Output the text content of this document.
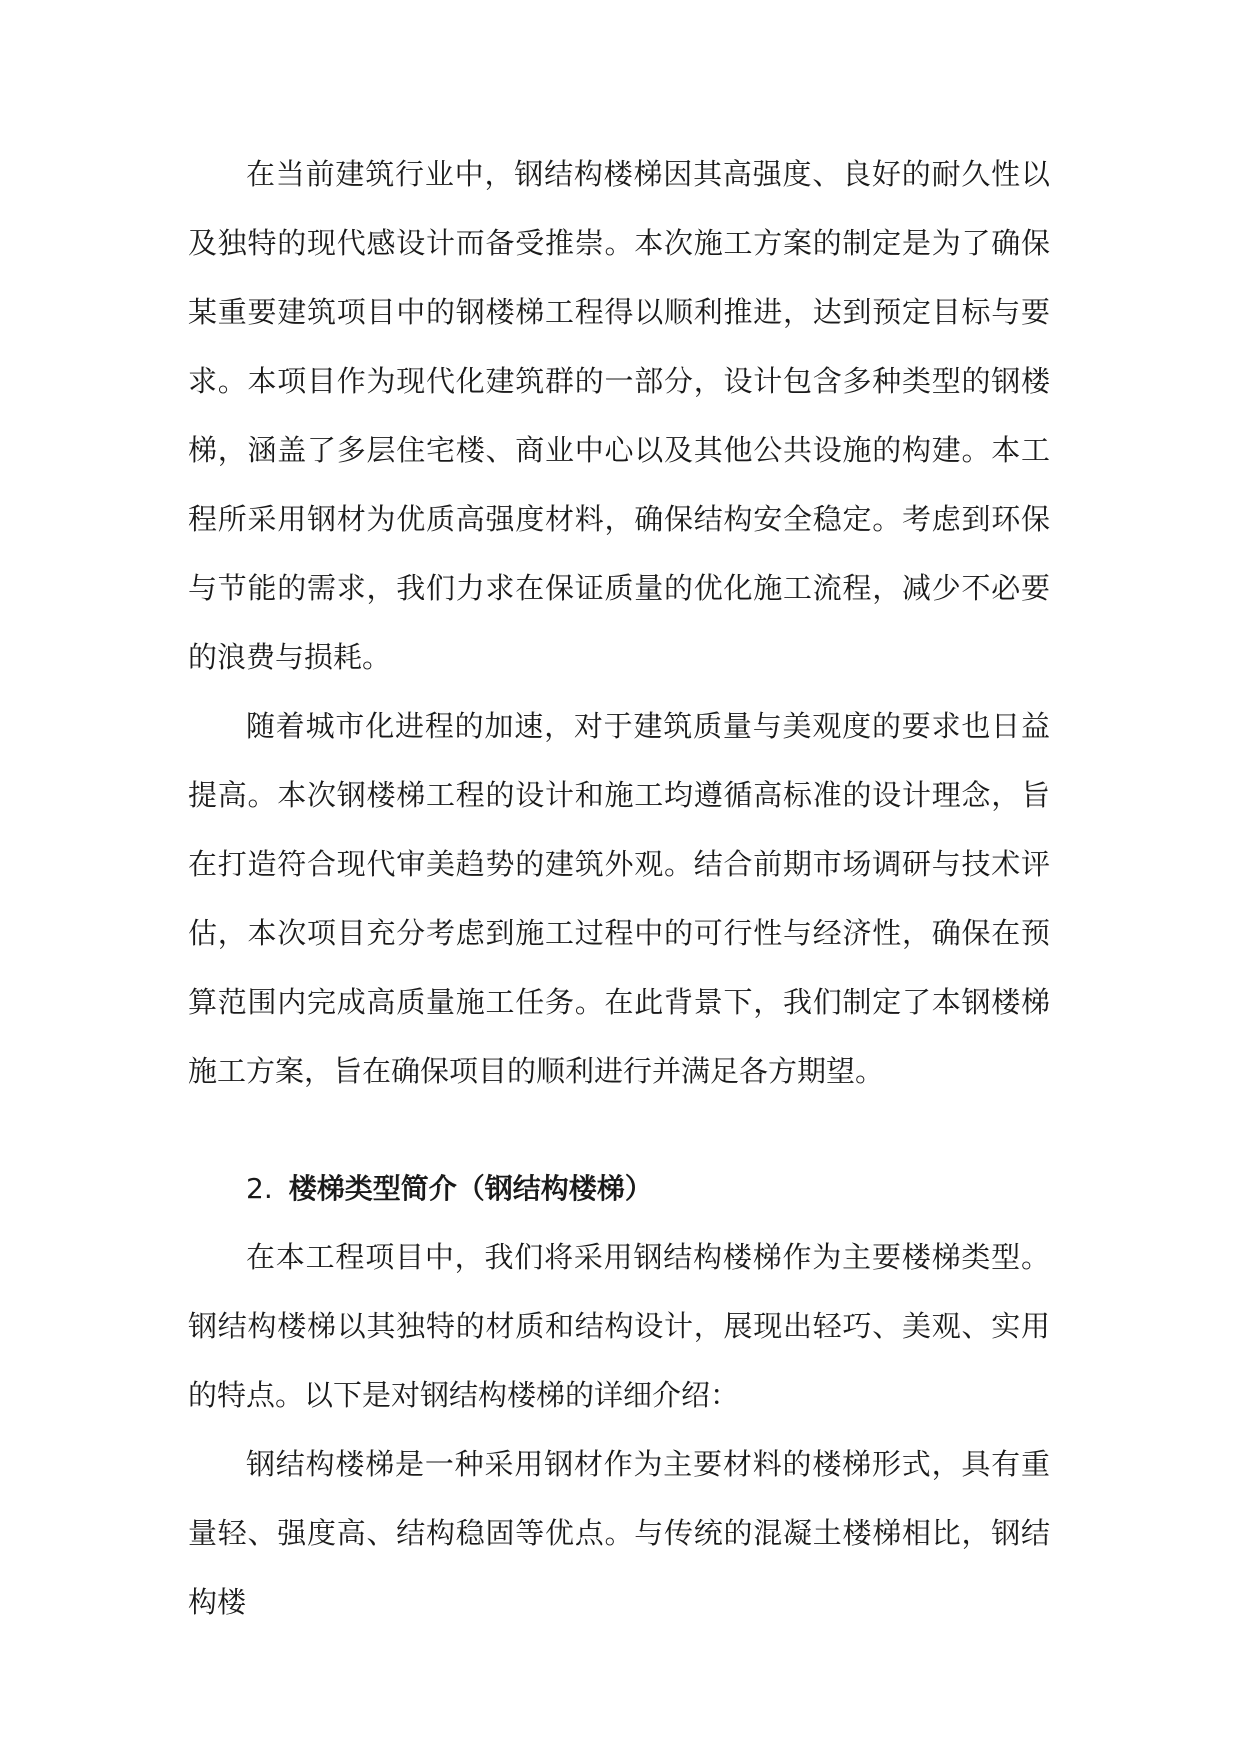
在当前建筑行业中，钢结构楼梯因其高强度、良好的耐久性以及独特的现代感设计而备受推崇。本次施工方案的制定是为了确保某重要建筑项目中的钢楼梯工程得以顺利推进，达到预定目标与要求。本项目作为现代化建筑群的一部分，设计包含多种类型的钢楼梯，涵盖了多层住宅楼、商业中心以及其他公共设施的构建。本工程所采用钢材为优质高强度材料，确保结构安全稳定。考虑到环保与节能的需求，我们力求在保证质量的优化施工流程，减少不必要的浪费与损耗。

随着城市化进程的加速，对于建筑质量与美观度的要求也日益提高。本次钢楼梯工程的设计和施工均遵循高标准的设计理念，旨在打造符合现代审美趋势的建筑外观。结合前期市场调研与技术评估，本次项目充分考虑到施工过程中的可行性与经济性，确保在预算范围内完成高质量施工任务。在此背景下，我们制定了本钢楼梯施工方案，旨在确保项目的顺利进行并满足各方期望。

2. 楼梯类型简介（钢结构楼梯）

在本工程项目中，我们将采用钢结构楼梯作为主要楼梯类型。钢结构楼梯以其独特的材质和结构设计，展现出轻巧、美观、实用的特点。以下是对钢结构楼梯的详细介绍：

钢结构楼梯是一种采用钢材作为主要材料的楼梯形式，具有重量轻、强度高、结构稳固等优点。与传统的混凝土楼梯相比，钢结构楼
